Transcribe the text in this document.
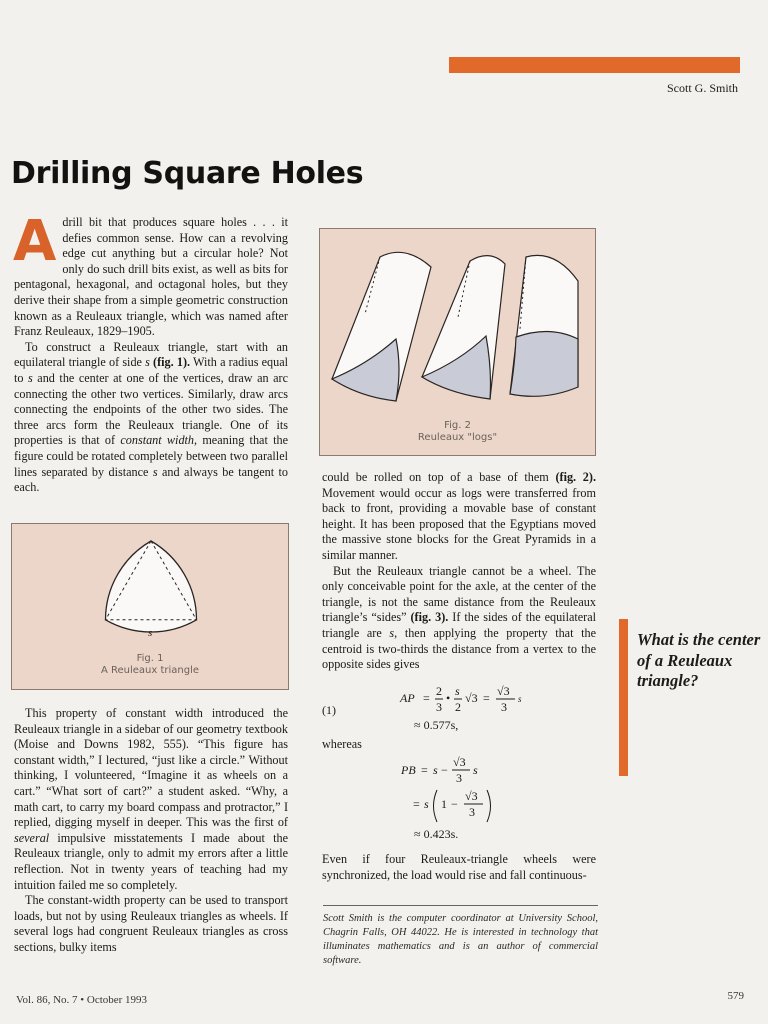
Scott G. Smith
Drilling Square Holes

Adrill bit that produces square holes . . . it defies common sense. How can a revolving edge cut anything but a circular hole? Not only do such drill bits exist, as well as bits for pentagonal, hexagonal, and octagonal holes, but they derive their shape from a simple geometric construction known as a Reuleaux triangle, which was named after Franz Reuleaux, 1829–1905.

To construct a Reuleaux triangle, start with an equilateral triangle of side s (fig. 1). With a radius equal to s and the center at one of the vertices, draw an arc connecting the other two vertices. Similarly, draw arcs connecting the endpoints of the other two sides. The three arcs form the Reuleaux triangle. One of its properties is that of constant width, meaning that the figure could be rotated completely between two parallel lines separated by distance s and always be tangent to each.

s
Fig. 1
A Reuleaux triangle

This property of constant width introduced the Reuleaux triangle in a sidebar of our geometry textbook (Moise and Downs 1982, 555). “This figure has constant width,” I lectured, “just like a circle.” Without thinking, I volunteered, “Imagine it as wheels on a cart.” “What sort of cart?” a student asked. “Why, a math cart, to carry my board compass and protractor,” I replied, digging myself in deeper. This was the first of several impulsive misstatements I made about the Reuleaux triangle, only to admit my errors after a little reflection. Not in twenty years of teaching had my intuition failed me so completely.

The constant-width property can be used to transport loads, but not by using Reuleaux triangles as wheels. If several logs had congruent Reuleaux triangles as cross sections, bulky items

Fig. 2
Reuleaux "logs"

could be rolled on top of a base of them (fig. 2). Movement would occur as logs were transferred from back to front, providing a movable base of constant height. It has been proposed that the Egyptians moved the massive stone blocks for the Great Pyramids in a similar manner.

But the Reuleaux triangle cannot be a wheel. The only conceivable point for the axle, at the center of the triangle, is not the same distance from the Reuleaux triangle’s “sides” (fig. 3). If the sides of the equilateral triangle are s, then applying the property that the centroid is two-thirds the distance from a vertex to the opposite sides gives

(1)
AP = 2
3
• s
2
√3 = √3
3
s
≈ 0.577s,
whereas
PB = s −
√3
3
s
= s 1 −
√3
3
≈ 0.423s.

Even if four Reuleaux-triangle wheels were synchronized, the load would rise and fall continuous-

Scott Smith is the computer coordinator at University School, Chagrin Falls, OH 44022. He is interested in technology that illuminates mathematics and is an author of commercial software.
What is the center of a Reuleaux triangle?
Vol. 86, No. 7 • October 1993	579
